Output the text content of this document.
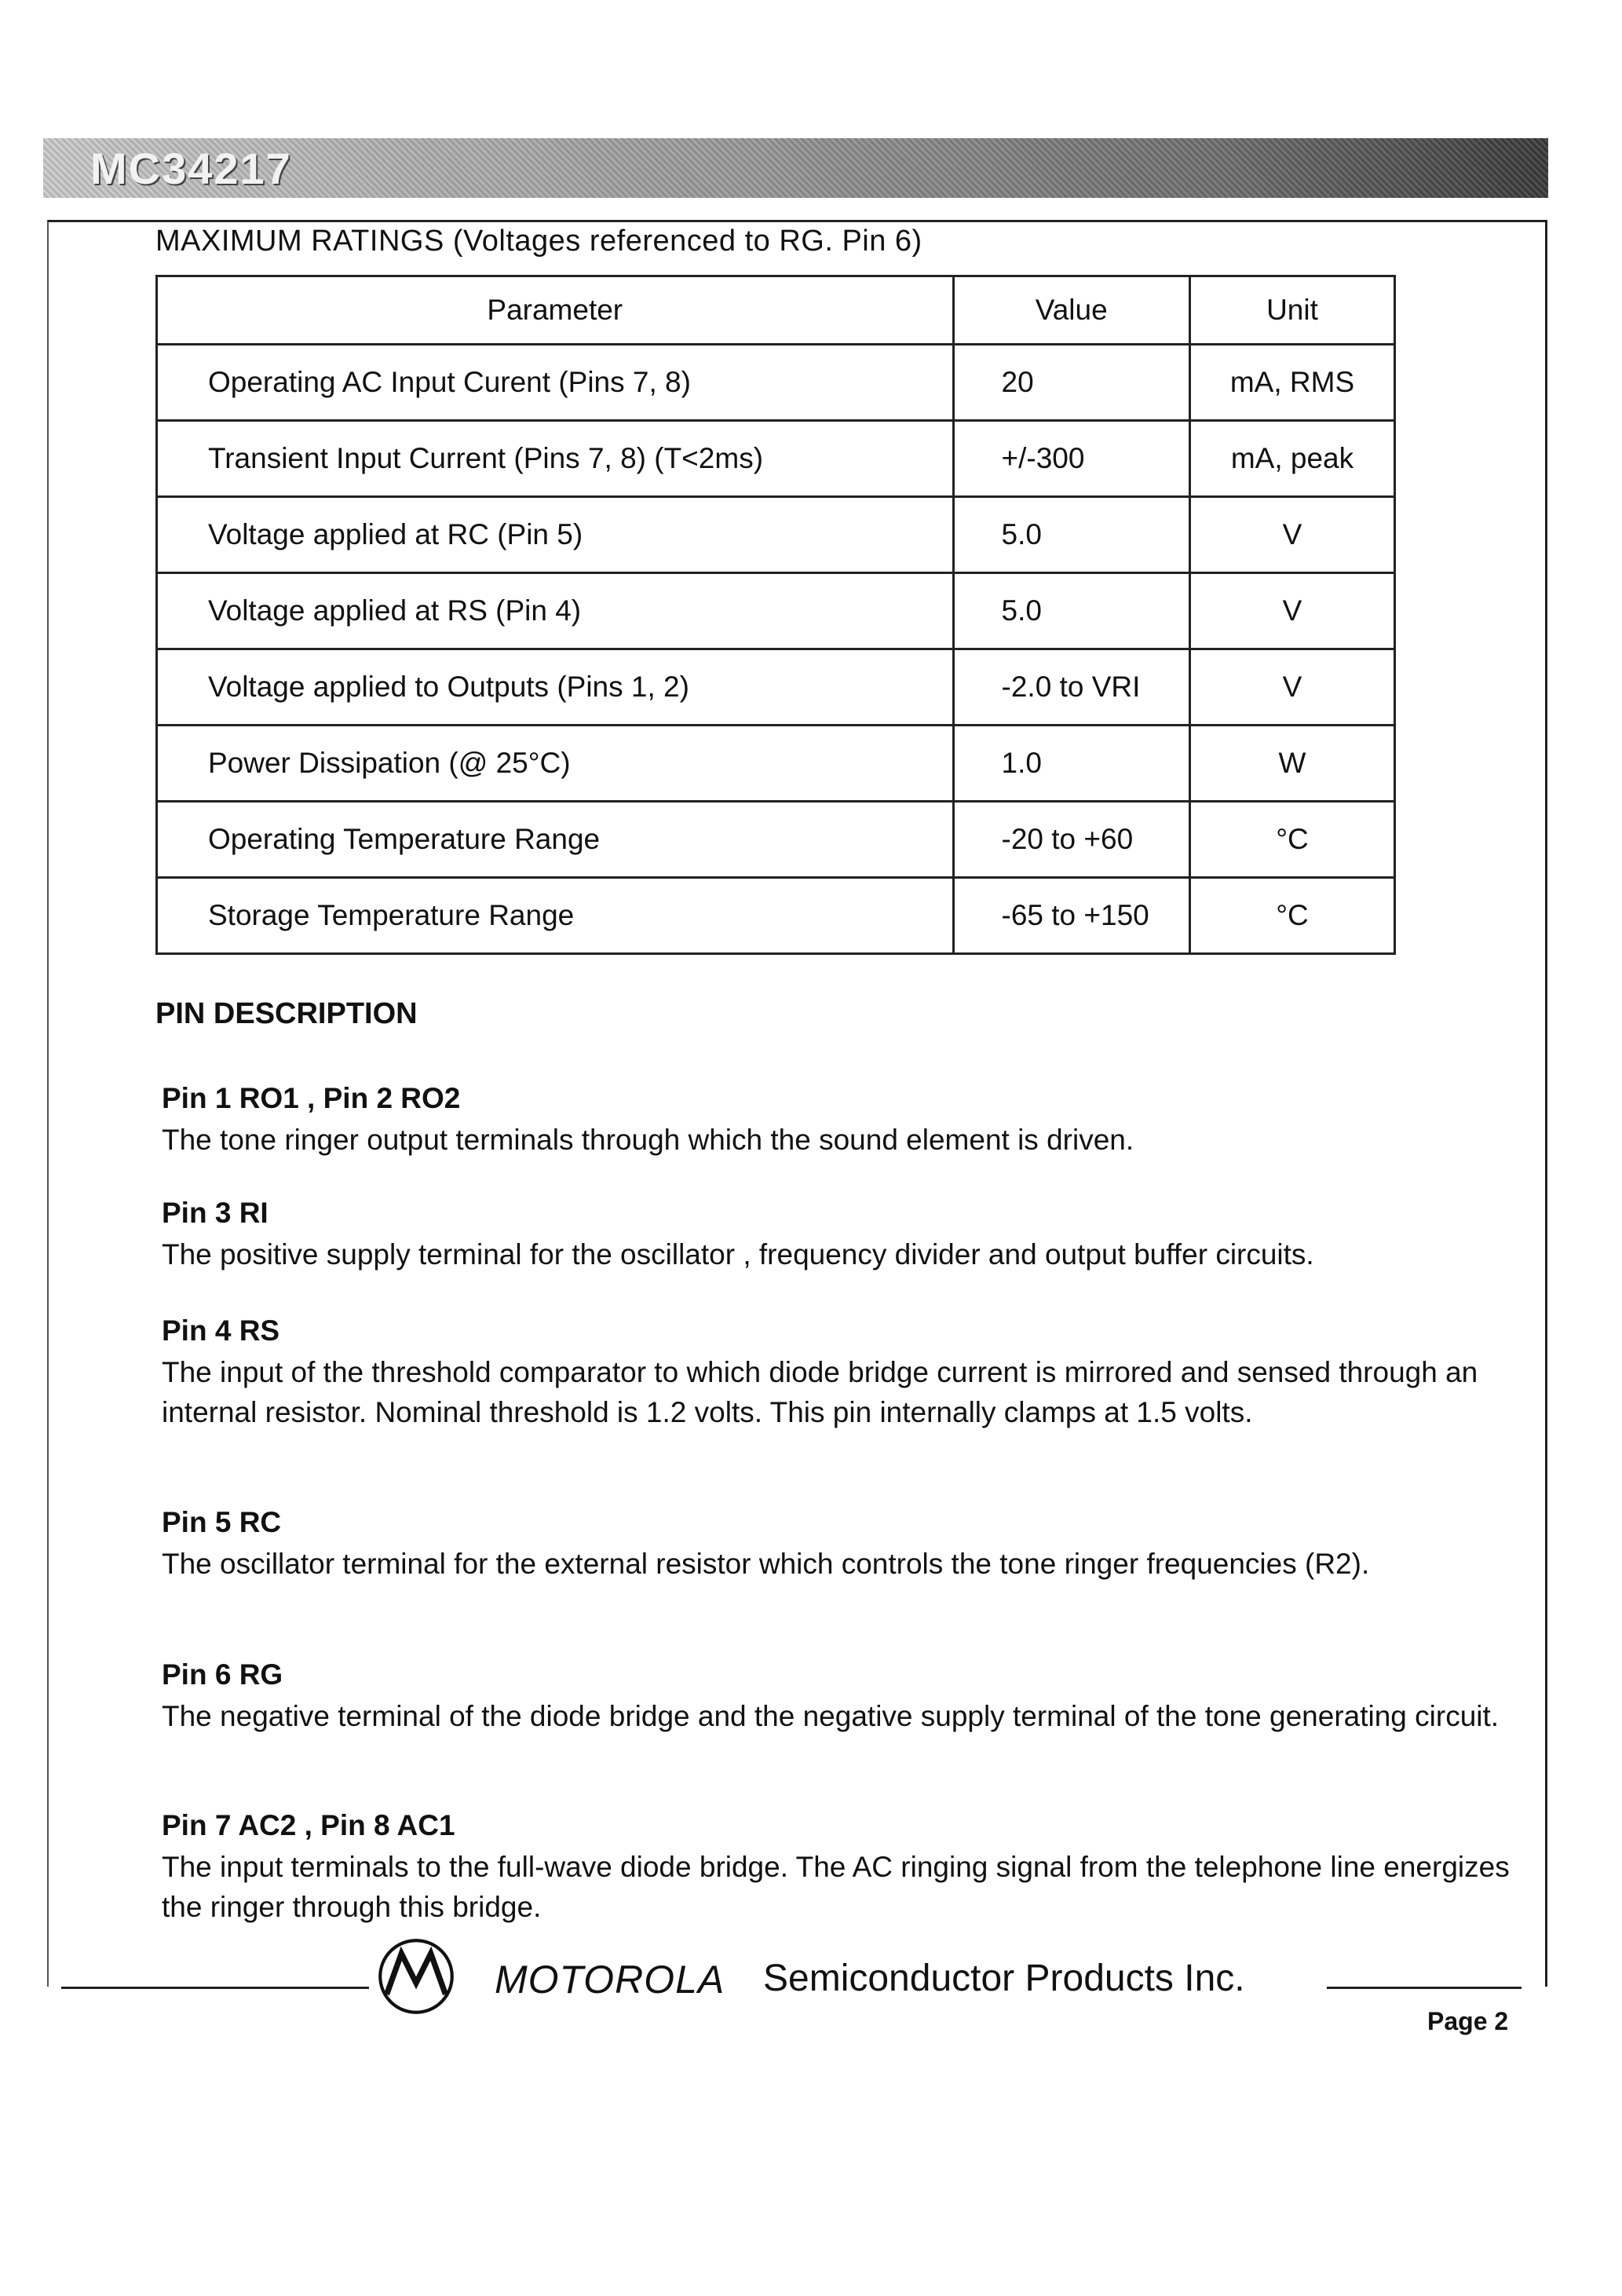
MC34217
MAXIMUM RATINGS (Voltages referenced to RG. Pin 6)
Parameter	Value	Unit
Operating AC Input Curent (Pins 7, 8)	20	mA, RMS
Transient Input Current (Pins 7, 8) (T<2ms)	+/-300	mA, peak
Voltage applied at RC (Pin 5)	5.0	V
Voltage applied at RS (Pin 4)	5.0	V
Voltage applied to Outputs (Pins 1, 2)	-2.0 to VRI	V
Power Dissipation (@ 25°C)	1.0	W
Operating Temperature Range	-20 to +60	°C
Storage Temperature Range	-65 to +150	°C
PIN DESCRIPTION
Pin 1 RO1 , Pin 2 RO2
The tone ringer output terminals through which the sound element is driven.
Pin 3 RI
The positive supply terminal for the oscillator , frequency divider and output buffer circuits.
Pin 4 RS
The input of the threshold comparator to which diode bridge current is mirrored and sensed through an internal resistor. Nominal threshold is 1.2 volts. This pin internally clamps at 1.5 volts.
Pin 5 RC
The oscillator terminal for the external resistor which controls the tone ringer frequencies (R2).
Pin 6 RG
The negative terminal of the diode bridge and the negative supply terminal of the tone generating circuit.
Pin 7 AC2 , Pin 8 AC1
The input terminals to the full-wave diode bridge. The AC ringing signal from the telephone line energizes the ringer through this bridge.
MOTOROLA Semiconductor Products Inc.
Page 2
